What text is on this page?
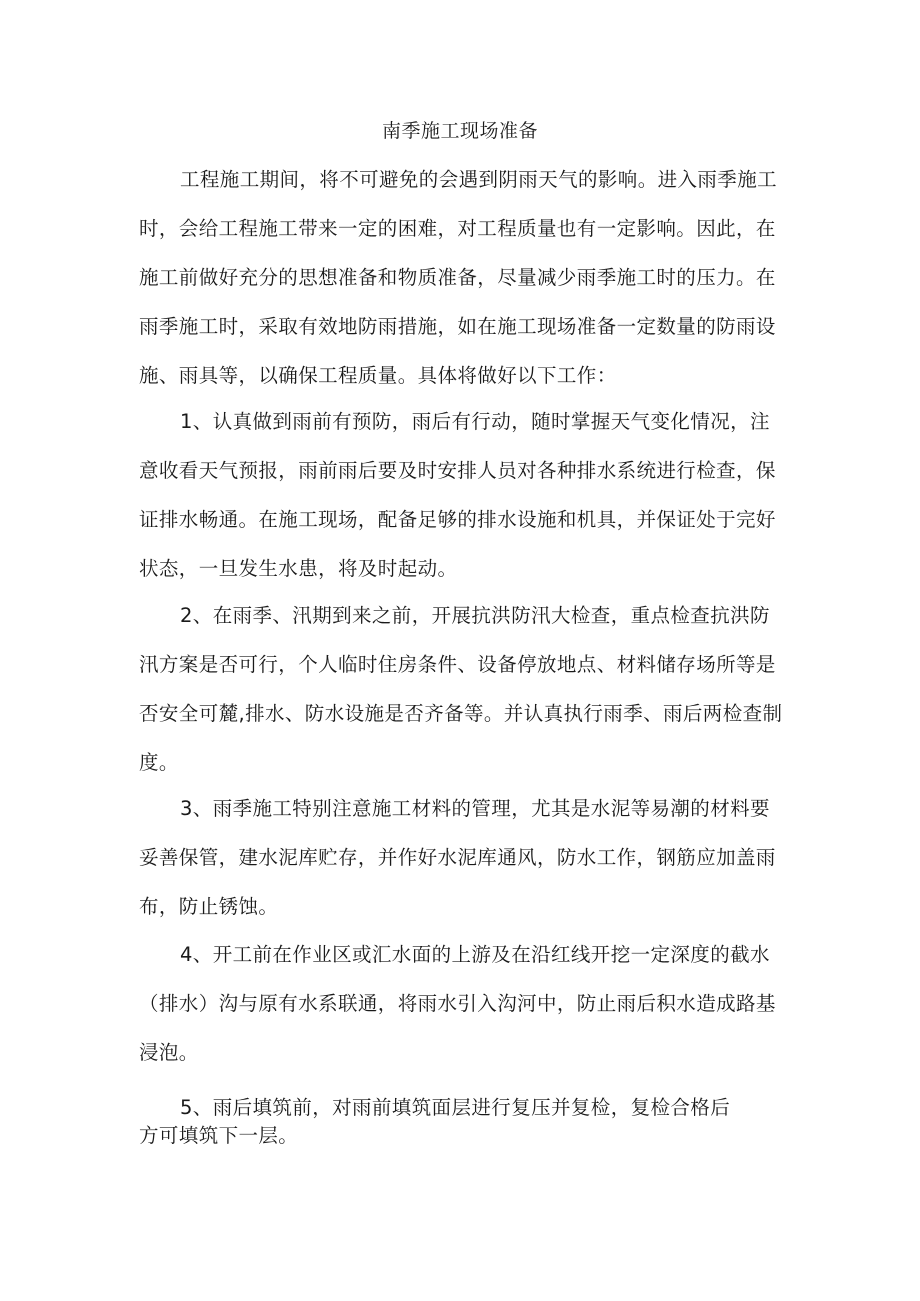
南季施工现场准备
工程施工期间，将不可避免的会遇到阴雨天气的影响。进入雨季施工
时，会给工程施工带来一定的困难，对工程质量也有一定影响。因此，在
施工前做好充分的思想准备和物质准备，尽量减少雨季施工时的压力。在
雨季施工时，采取有效地防雨措施，如在施工现场准备一定数量的防雨设
施、雨具等，以确保工程质量。具体将做好以下工作：
1、认真做到雨前有预防，雨后有行动，随时掌握天气变化情况，注
意收看天气预报，雨前雨后要及时安排人员对各种排水系统进行检查，保
证排水畅通。在施工现场，配备足够的排水设施和机具，并保证处于完好
状态，一旦发生水患，将及时起动。
2、在雨季、汛期到来之前，开展抗洪防汛大检查，重点检查抗洪防
汛方案是否可行，个人临时住房条件、设备停放地点、材料储存场所等是
否安全可麓,排水、防水设施是否齐备等。并认真执行雨季、雨后两检查制
度。
3、雨季施工特别注意施工材料的管理，尤其是水泥等易潮的材料要
妥善保管，建水泥库贮存，并作好水泥库通风，防水工作，钢筋应加盖雨
布，防止锈蚀。
4、开工前在作业区或汇水面的上游及在沿红线开挖一定深度的截水
（排水）沟与原有水系联通，将雨水引入沟河中，防止雨后积水造成路基
浸泡。
5、雨后填筑前，对雨前填筑面层进行复压并复检，复检合格后
方可填筑下一层。
